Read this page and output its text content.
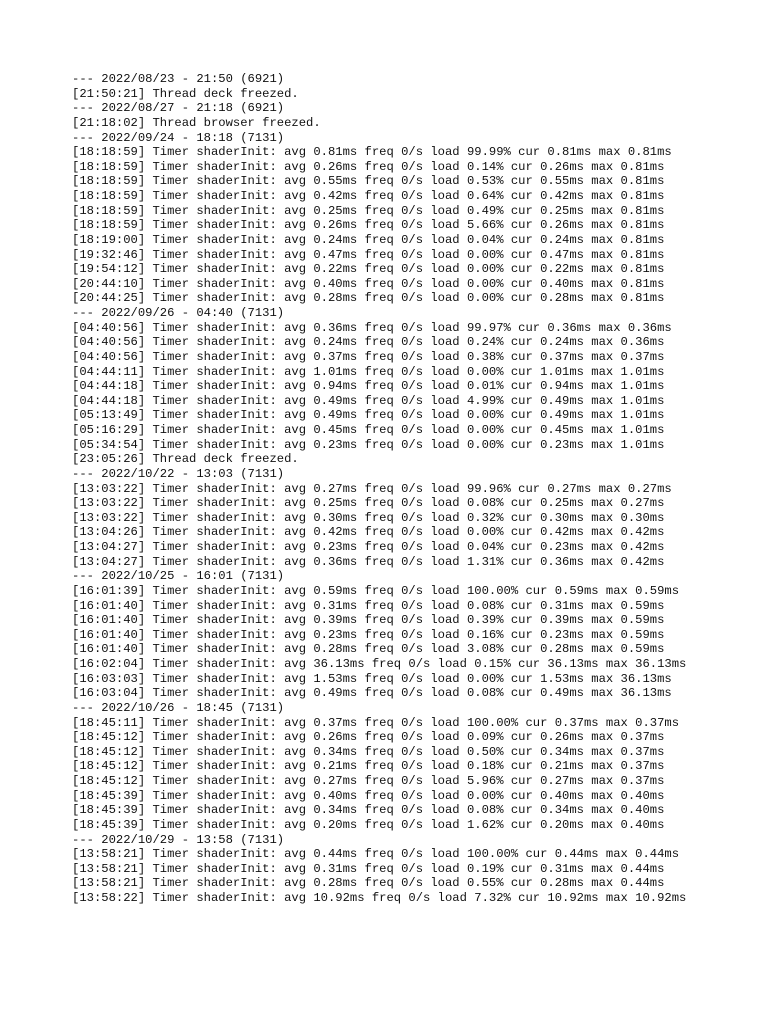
--- 2022/08/23 - 21:50 (6921)
[21:50:21] Thread deck freezed.
--- 2022/08/27 - 21:18 (6921)
[21:18:02] Thread browser freezed.
--- 2022/09/24 - 18:18 (7131)
[18:18:59] Timer shaderInit: avg 0.81ms freq 0/s load 99.99% cur 0.81ms max 0.81ms
[18:18:59] Timer shaderInit: avg 0.26ms freq 0/s load 0.14% cur 0.26ms max 0.81ms
[18:18:59] Timer shaderInit: avg 0.55ms freq 0/s load 0.53% cur 0.55ms max 0.81ms
[18:18:59] Timer shaderInit: avg 0.42ms freq 0/s load 0.64% cur 0.42ms max 0.81ms
[18:18:59] Timer shaderInit: avg 0.25ms freq 0/s load 0.49% cur 0.25ms max 0.81ms
[18:18:59] Timer shaderInit: avg 0.26ms freq 0/s load 5.66% cur 0.26ms max 0.81ms
[18:19:00] Timer shaderInit: avg 0.24ms freq 0/s load 0.04% cur 0.24ms max 0.81ms
[19:32:46] Timer shaderInit: avg 0.47ms freq 0/s load 0.00% cur 0.47ms max 0.81ms
[19:54:12] Timer shaderInit: avg 0.22ms freq 0/s load 0.00% cur 0.22ms max 0.81ms
[20:44:10] Timer shaderInit: avg 0.40ms freq 0/s load 0.00% cur 0.40ms max 0.81ms
[20:44:25] Timer shaderInit: avg 0.28ms freq 0/s load 0.00% cur 0.28ms max 0.81ms
--- 2022/09/26 - 04:40 (7131)
[04:40:56] Timer shaderInit: avg 0.36ms freq 0/s load 99.97% cur 0.36ms max 0.36ms
[04:40:56] Timer shaderInit: avg 0.24ms freq 0/s load 0.24% cur 0.24ms max 0.36ms
[04:40:56] Timer shaderInit: avg 0.37ms freq 0/s load 0.38% cur 0.37ms max 0.37ms
[04:44:11] Timer shaderInit: avg 1.01ms freq 0/s load 0.00% cur 1.01ms max 1.01ms
[04:44:18] Timer shaderInit: avg 0.94ms freq 0/s load 0.01% cur 0.94ms max 1.01ms
[04:44:18] Timer shaderInit: avg 0.49ms freq 0/s load 4.99% cur 0.49ms max 1.01ms
[05:13:49] Timer shaderInit: avg 0.49ms freq 0/s load 0.00% cur 0.49ms max 1.01ms
[05:16:29] Timer shaderInit: avg 0.45ms freq 0/s load 0.00% cur 0.45ms max 1.01ms
[05:34:54] Timer shaderInit: avg 0.23ms freq 0/s load 0.00% cur 0.23ms max 1.01ms
[23:05:26] Thread deck freezed.
--- 2022/10/22 - 13:03 (7131)
[13:03:22] Timer shaderInit: avg 0.27ms freq 0/s load 99.96% cur 0.27ms max 0.27ms
[13:03:22] Timer shaderInit: avg 0.25ms freq 0/s load 0.08% cur 0.25ms max 0.27ms
[13:03:22] Timer shaderInit: avg 0.30ms freq 0/s load 0.32% cur 0.30ms max 0.30ms
[13:04:26] Timer shaderInit: avg 0.42ms freq 0/s load 0.00% cur 0.42ms max 0.42ms
[13:04:27] Timer shaderInit: avg 0.23ms freq 0/s load 0.04% cur 0.23ms max 0.42ms
[13:04:27] Timer shaderInit: avg 0.36ms freq 0/s load 1.31% cur 0.36ms max 0.42ms
--- 2022/10/25 - 16:01 (7131)
[16:01:39] Timer shaderInit: avg 0.59ms freq 0/s load 100.00% cur 0.59ms max 0.59ms
[16:01:40] Timer shaderInit: avg 0.31ms freq 0/s load 0.08% cur 0.31ms max 0.59ms
[16:01:40] Timer shaderInit: avg 0.39ms freq 0/s load 0.39% cur 0.39ms max 0.59ms
[16:01:40] Timer shaderInit: avg 0.23ms freq 0/s load 0.16% cur 0.23ms max 0.59ms
[16:01:40] Timer shaderInit: avg 0.28ms freq 0/s load 3.08% cur 0.28ms max 0.59ms
[16:02:04] Timer shaderInit: avg 36.13ms freq 0/s load 0.15% cur 36.13ms max 36.13ms
[16:03:03] Timer shaderInit: avg 1.53ms freq 0/s load 0.00% cur 1.53ms max 36.13ms
[16:03:04] Timer shaderInit: avg 0.49ms freq 0/s load 0.08% cur 0.49ms max 36.13ms
--- 2022/10/26 - 18:45 (7131)
[18:45:11] Timer shaderInit: avg 0.37ms freq 0/s load 100.00% cur 0.37ms max 0.37ms
[18:45:12] Timer shaderInit: avg 0.26ms freq 0/s load 0.09% cur 0.26ms max 0.37ms
[18:45:12] Timer shaderInit: avg 0.34ms freq 0/s load 0.50% cur 0.34ms max 0.37ms
[18:45:12] Timer shaderInit: avg 0.21ms freq 0/s load 0.18% cur 0.21ms max 0.37ms
[18:45:12] Timer shaderInit: avg 0.27ms freq 0/s load 5.96% cur 0.27ms max 0.37ms
[18:45:39] Timer shaderInit: avg 0.40ms freq 0/s load 0.00% cur 0.40ms max 0.40ms
[18:45:39] Timer shaderInit: avg 0.34ms freq 0/s load 0.08% cur 0.34ms max 0.40ms
[18:45:39] Timer shaderInit: avg 0.20ms freq 0/s load 1.62% cur 0.20ms max 0.40ms
--- 2022/10/29 - 13:58 (7131)
[13:58:21] Timer shaderInit: avg 0.44ms freq 0/s load 100.00% cur 0.44ms max 0.44ms
[13:58:21] Timer shaderInit: avg 0.31ms freq 0/s load 0.19% cur 0.31ms max 0.44ms
[13:58:21] Timer shaderInit: avg 0.28ms freq 0/s load 0.55% cur 0.28ms max 0.44ms
[13:58:22] Timer shaderInit: avg 10.92ms freq 0/s load 7.32% cur 10.92ms max 10.92ms
